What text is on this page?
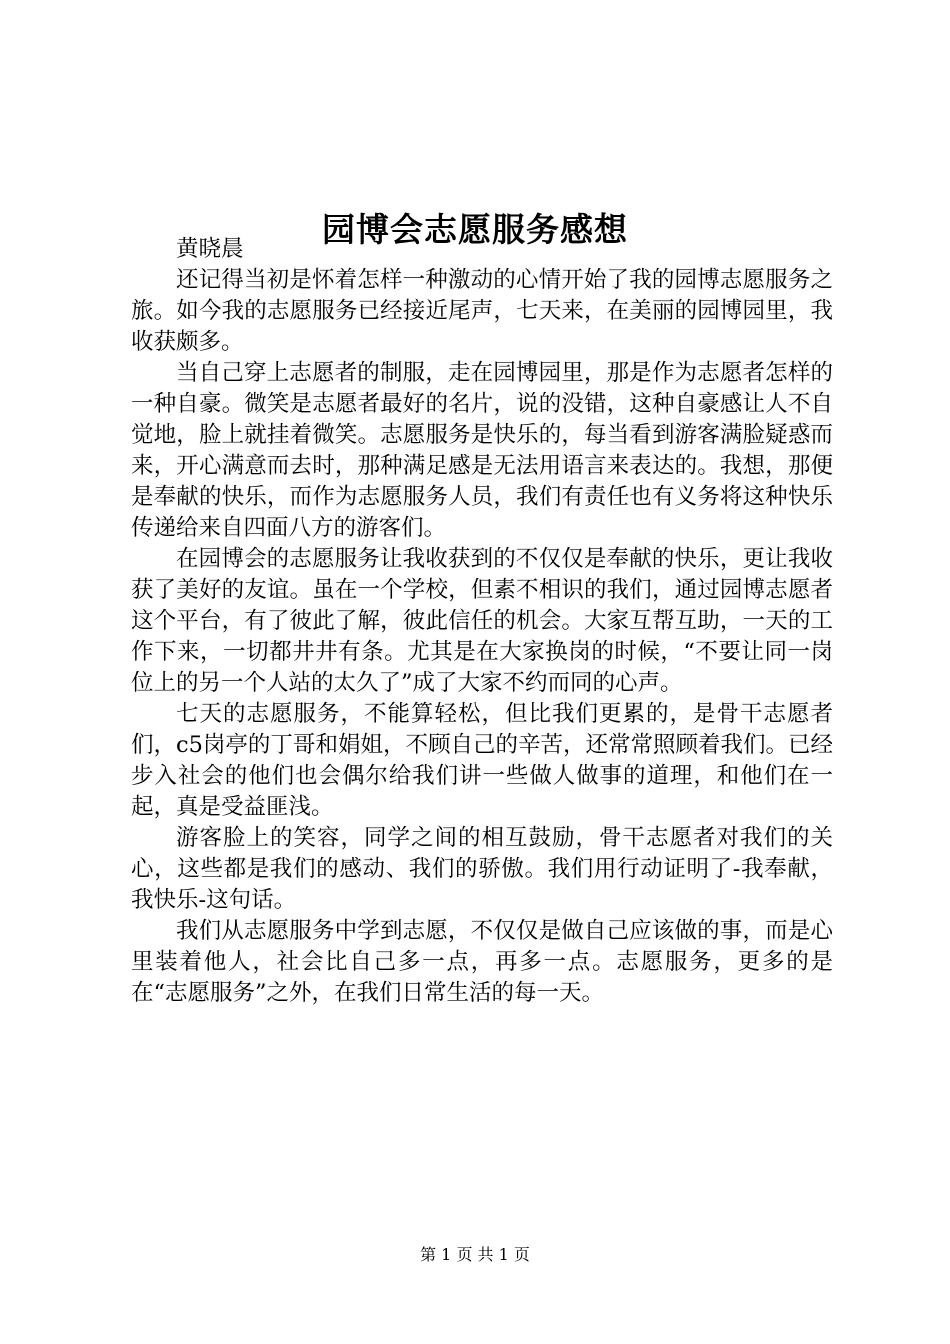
园博会志愿服务感想

黄晓晨

还记得当初是怀着怎样一种激动的心情开始了我的园博志愿服务之旅。如今我的志愿服务已经接近尾声，七天来，在美丽的园博园里，我收获颇多。

当自己穿上志愿者的制服，走在园博园里，那是作为志愿者怎样的一种自豪。微笑是志愿者最好的名片，说的没错，这种自豪感让人不自觉地，脸上就挂着微笑。志愿服务是快乐的，每当看到游客满脸疑惑而来，开心满意而去时，那种满足感是无法用语言来表达的。我想，那便是奉献的快乐，而作为志愿服务人员，我们有责任也有义务将这种快乐传递给来自四面八方的游客们。

在园博会的志愿服务让我收获到的不仅仅是奉献的快乐，更让我收获了美好的友谊。虽在一个学校，但素不相识的我们，通过园博志愿者这个平台，有了彼此了解，彼此信任的机会。大家互帮互助，一天的工作下来，一切都井井有条。尤其是在大家换岗的时候，“不要让同一岗位上的另一个人站的太久了”成了大家不约而同的心声。

七天的志愿服务，不能算轻松，但比我们更累的，是骨干志愿者们，c5岗亭的丁哥和娟姐，不顾自己的辛苦，还常常照顾着我们。已经步入社会的他们也会偶尔给我们讲一些做人做事的道理，和他们在一起，真是受益匪浅。

游客脸上的笑容，同学之间的相互鼓励，骨干志愿者对我们的关心，这些都是我们的感动、我们的骄傲。我们用行动证明了-我奉献，我快乐-这句话。

我们从志愿服务中学到志愿，不仅仅是做自己应该做的事，而是心里装着他人，社会比自己多一点，再多一点。志愿服务，更多的是在“志愿服务”之外，在我们日常生活的每一天。

第 1 页 共 1 页
